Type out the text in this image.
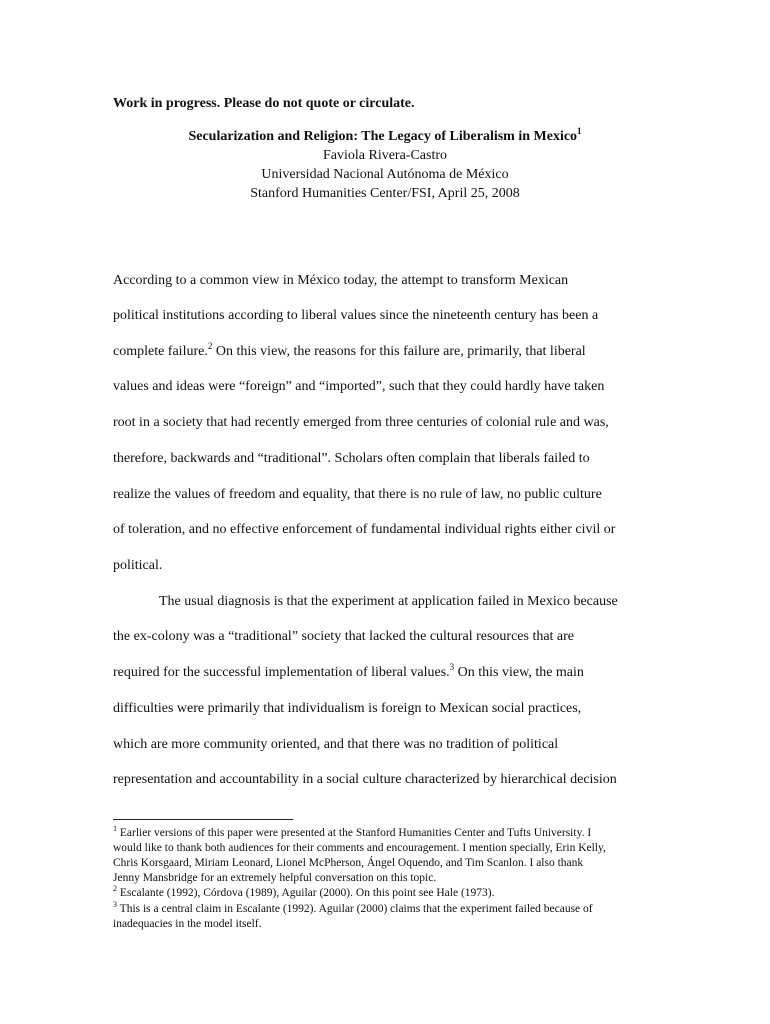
Work in progress. Please do not quote or circulate.
Secularization and Religion: The Legacy of Liberalism in Mexico$^1$
Faviola Rivera-Castro
Universidad Nacional Autónoma de México
Stanford Humanities Center/FSI, April 25, 2008
According to a common view in México today, the attempt to transform Mexican
political institutions according to liberal values since the nineteenth century has been a
complete failure.$^2$ On this view, the reasons for this failure are, primarily, that liberal
values and ideas were “foreign” and “imported”, such that they could hardly have taken
root in a society that had recently emerged from three centuries of colonial rule and was,
therefore, backwards and “traditional”. Scholars often complain that liberals failed to
realize the values of freedom and equality, that there is no rule of law, no public culture
of toleration, and no effective enforcement of fundamental individual rights either civil or
political.
The usual diagnosis is that the experiment at application failed in Mexico because
the ex-colony was a “traditional” society that lacked the cultural resources that are
required for the successful implementation of liberal values.$^3$ On this view, the main
difficulties were primarily that individualism is foreign to Mexican social practices,
which are more community oriented, and that there was no tradition of political
representation and accountability in a social culture characterized by hierarchical decision
$^1$ Earlier versions of this paper were presented at the Stanford Humanities Center and Tufts University. I
would like to thank both audiences for their comments and encouragement. I mention specially, Erin Kelly,
Chris Korsgaard, Miriam Leonard, Lionel McPherson, Ángel Oquendo, and Tim Scanlon. I also thank
Jenny Mansbridge for an extremely helpful conversation on this topic.
$^2$ Escalante (1992), Córdova (1989), Aguilar (2000). On this point see Hale (1973).
$^3$ This is a central claim in Escalante (1992). Aguilar (2000) claims that the experiment failed because of
inadequacies in the model itself.
